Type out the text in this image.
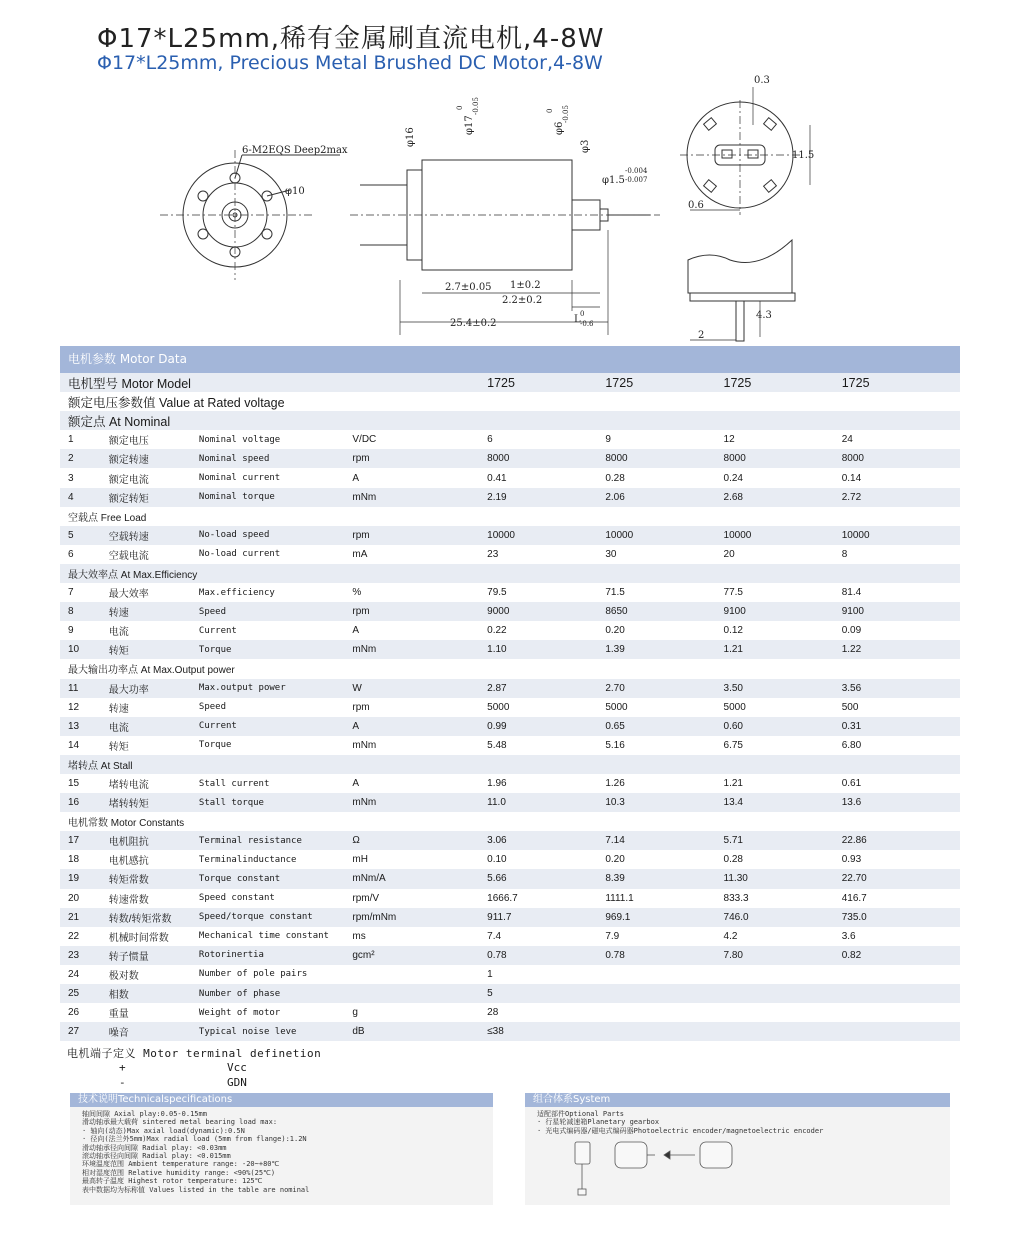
Φ17*L25mm,稀有金属刷直流电机,4-8W
Φ17*L25mm, Precious Metal Brushed DC Motor,4-8W
6-M2EQS Deep2max
φ10
2.7±0.05 1±0.2
2.2±0.2
25.4±0.2	L 0
-0.6
φ16
φ17
0 -0.05
φ6
0 -0.05
φ3
φ1.5
-0.004
-0.007
0.3
11.5
0.6
4.3
2
电机参数 Motor Data
电机型号 Motor Model				1725	1725	1725	1725
额定电压参数值 Value at Rated voltage							
额定点 At Nominal							
1	额定电压	Nominal voltage	V/DC	6	9	12	24
2	额定转速	Nominal speed	rpm	8000	8000	8000	8000
3	额定电流	Nominal current	A	0.41	0.28	0.24	0.14
4	额定转矩	Nominal torque	mNm	2.19	2.06	2.68	2.72
空载点 Free Load							
5	空载转速	No-load speed	rpm	10000	10000	10000	10000
6	空载电流	No-load current	mA	23	30	20	8
最大效率点 At Max.Efficiency							
7	最大效率	Max.efficiency	%	79.5	71.5	77.5	81.4
8	转速	Speed	rpm	9000	8650	9100	9100
9	电流	Current	A	0.22	0.20	0.12	0.09
10	转矩	Torque	mNm	1.10	1.39	1.21	1.22
最大输出功率点 At Max.Output power							
11	最大功率	Max.output power	W	2.87	2.70	3.50	3.56
12	转速	Speed	rpm	5000	5000	5000	500
13	电流	Current	A	0.99	0.65	0.60	0.31
14	转矩	Torque	mNm	5.48	5.16	6.75	6.80
堵转点 At Stall							
15	堵转电流	Stall current	A	1.96	1.26	1.21	0.61
16	堵转转矩	Stall torque	mNm	11.0	10.3	13.4	13.6
电机常数 Motor Constants							
17	电机阻抗	Terminal resistance	Ω	3.06	7.14	5.71	22.86
18	电机感抗	Terminalinductance	mH	0.10	0.20	0.28	0.93
19	转矩常数	Torque constant	mNm/A	5.66	8.39	11.30	22.70
20	转速常数	Speed constant	rpm/V	1666.7	1111.1	833.3	416.7
21	转数/转矩常数	Speed/torque constant	rpm/mNm	911.7	969.1	746.0	735.0
22	机械时间常数	Mechanical time constant	ms	7.4	7.9	4.2	3.6
23	转子惯量	Rotorinertia	gcm²	0.78	0.78	7.80	0.82
24	极对数	Number of pole pairs		1			
25	相数	Number of phase		5			
26	重量	Weight of motor	g	28			
27	噪音	Typical noise leve	dB	≤38			
电机端子定义 Motor terminal definetion
+	Vcc
-	GDN
技术说明Technicalspecifications
轴间间隙 Axial play:0.05-0.15mm
滑动轴承最大载荷 sintered metal bearing load max:
· 轴向(动态)Max axial load(dynamic):0.5N
· 径向(法兰外5mm)Max radial load (5mm from flange):1.2N
滑动轴承径向间隙 Radial play: <0.03mm
滚动轴承径向间隙 Radial play: <0.015mm
环境温度范围 Ambient temperature range: -20~+80℃
相对湿度范围 Relative humidity range: <90%(25℃)
最高转子温度 Highest rotor temperature: 125℃
表中数据均为标称值 Values listed in the table are nominal
组合体系System
适配部件Optional Parts
· 行星轮减速箱Planetary gearbox
· 光电式编码器/磁电式编码器Photoelectric encoder/magnetoelectric encoder
